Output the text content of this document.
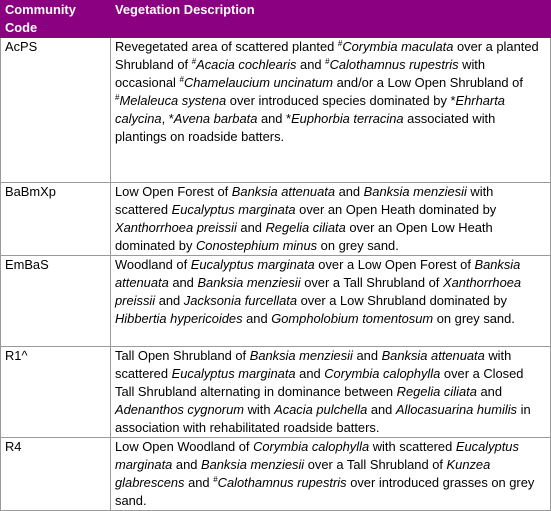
Community Code	Vegetation Description
AcPS	Revegetated area of scattered planted #Corymbia maculata over a planted Shrubland of #Acacia cochlearis and #Calothamnus rupestris with occasional #Chamelaucium uncinatum and/or a Low Open Shrubland of #Melaleuca systena over introduced species dominated by *Ehrharta calycina, *Avena barbata and *Euphorbia terracina associated with plantings on roadside batters.
BaBmXp	Low Open Forest of Banksia attenuata and Banksia menziesii with scattered Eucalyptus marginata over an Open Heath dominated by Xanthorrhoea preissii and Regelia ciliata over an Open Low Heath dominated by Conostephium minus on grey sand.
EmBaS	Woodland of Eucalyptus marginata over a Low Open Forest of Banksia attenuata and Banksia menziesii over a Tall Shrubland of Xanthorrhoea preissii and Jacksonia furcellata over a Low Shrubland dominated by Hibbertia hypericoides and Gompholobium tomentosum on grey sand.
R1^	Tall Open Shrubland of Banksia menziesii and Banksia attenuata with scattered Eucalyptus marginata and Corymbia calophylla over a Closed Tall Shrubland alternating in dominance between Regelia ciliata and Adenanthos cygnorum with Acacia pulchella and Allocasuarina humilis in association with rehabilitated roadside batters.
R4	Low Open Woodland of Corymbia calophylla with scattered Eucalyptus marginata and Banksia menziesii over a Tall Shrubland of Kunzea glabrescens and #Calothamnus rupestris over introduced grasses on grey sand.
